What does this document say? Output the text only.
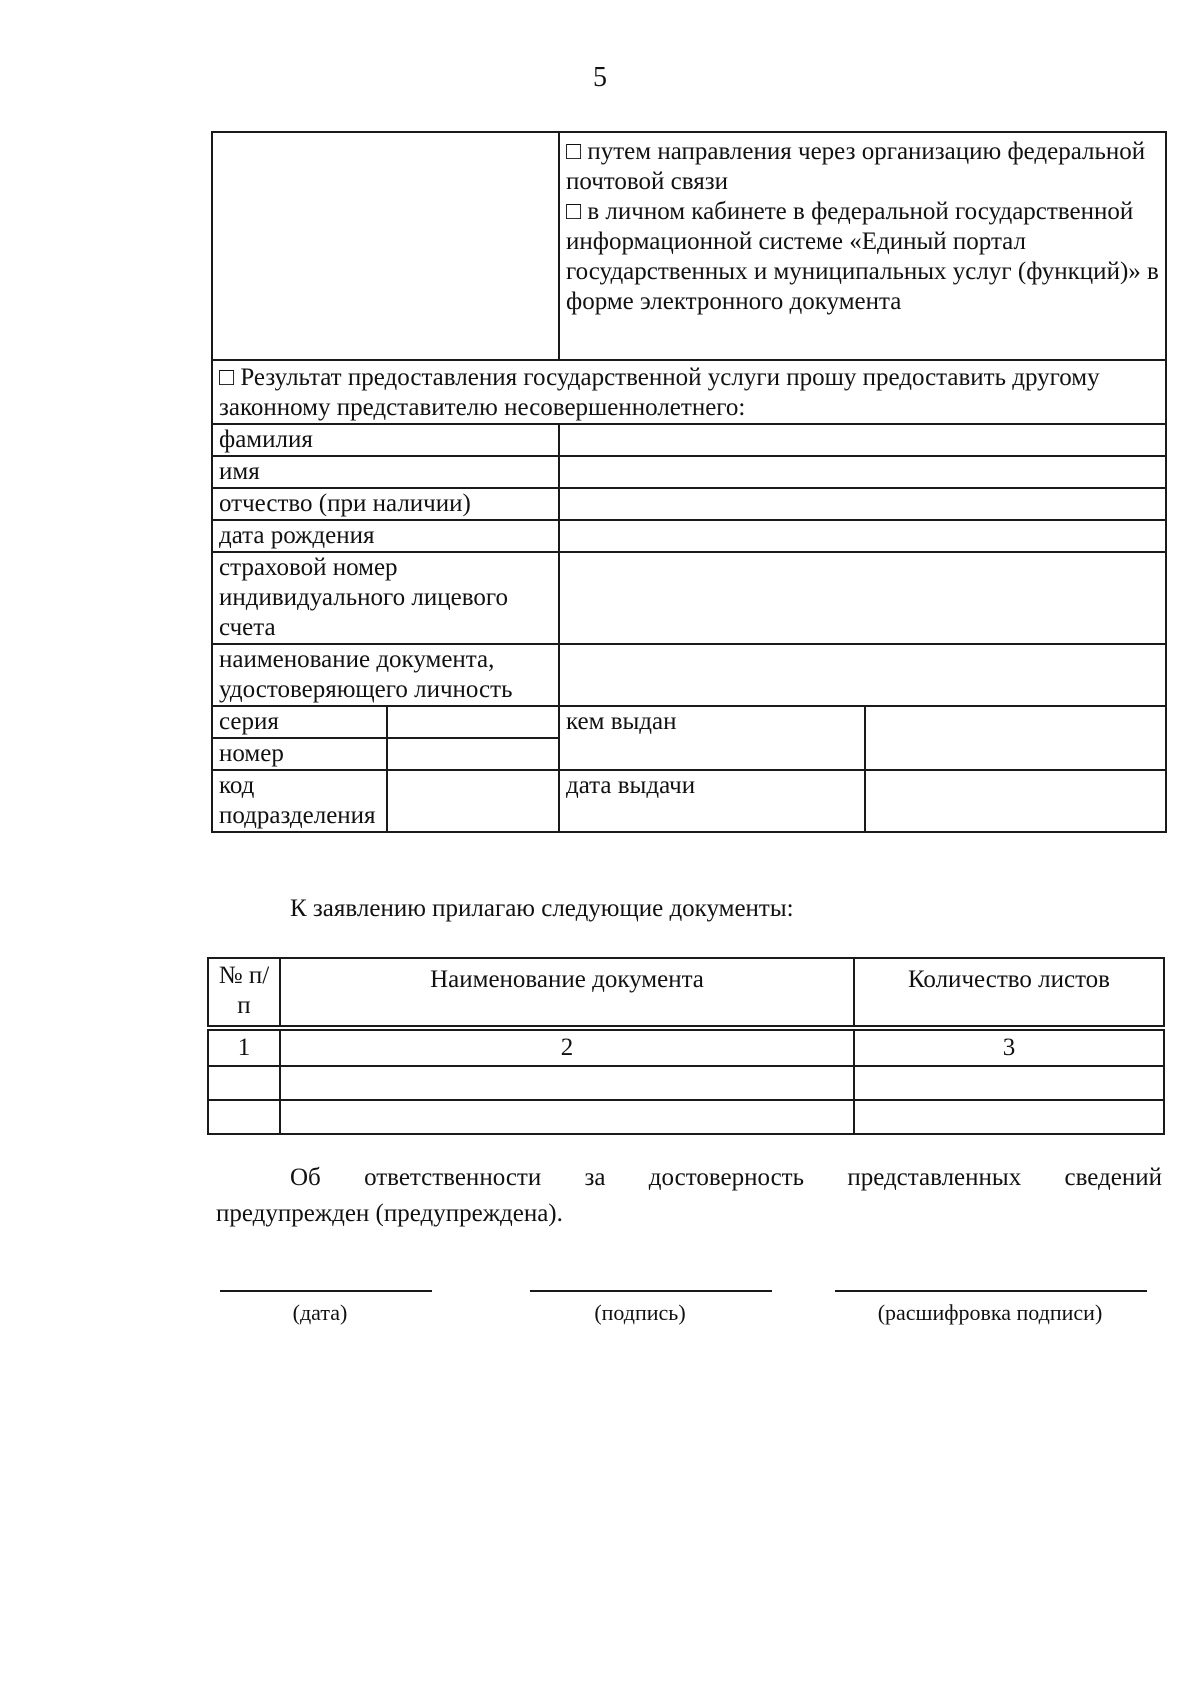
5

		□ путем направления через организацию федеральной почтовой связи
□ в личном кабинете в федеральной государственной информационной системе «Единый портал государственных и муниципальных услуг (функций)» в форме электронного документа	

□ Результат предоставления государственной услуги прошу предоставить другому законному представителю несовершеннолетнего:			
фамилия			
имя			
отчество (при наличии)			
дата рождения			
страховой номер индивидуального лицевого счета			
наименование документа, удостоверяющего личность			
серия		кем выдан	
номер			
код подразделения		дата выдачи	
К заявлению прилагаю следующие документы:
№ п/п	Наименование документа	Количество листов

1	2	3

Об ответственности за достоверность представленных сведений
предупрежден (предупреждена).
(дата)	(подпись)	(расшифровка подписи)
